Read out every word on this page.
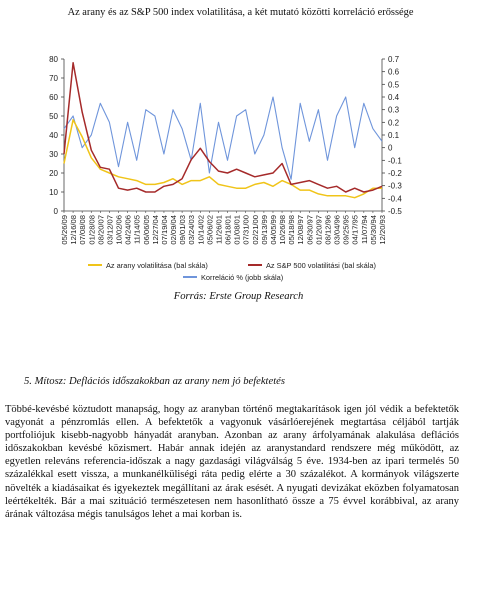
Az arany és az S&P 500 index volatilitása, a két mutató közötti korreláció erőssége
0
10
20
30
40
50
60
70
80
-0.5
-0.4
-0.3
-0.2
-0.1
0
0.1
0.2
0.3
0.4
0.5
0.6
0.7
05/26/09 12/16/08 07/08/08 01/28/08 08/20/07 03/12/07 10/02/06 04/24/06 11/14/05 06/06/05 12/27/04 07/19/04 02/09/04 09/01/03 03/24/03 10/14/02 05/06/02 11/26/01 06/18/01 01/08/01 07/31/00 02/21/00 09/13/99 04/05/99 10/26/98 05/18/98 12/08/97 06/30/97 01/20/97 08/12/96 03/04/96 09/25/95 04/17/95 11/07/94 05/30/94 12/20/93
Az arany volatilitása (bal skála)	Az S&P 500 volatilitási (bal skála)
Korreláció % (jobb skála)
Forrás: Erste Group Research
5. Mítosz: Deflációs időszakokban az arany nem jó befektetés

Többé-kevésbé köztudott manapság, hogy az aranyban történő megtakarítások igen jól védik a befektetők vagyonát a pénzromlás ellen. A befektetők a vagyonuk vásárlóerejének megtartása céljából tartják portfoliójuk kisebb-nagyobb hányadát aranyban. Azonban az arany árfolyamának alakulása deflációs időszakokban kevésbé közismert. Habár annak idején az aranystandard rendszere még működött, az egyetlen releváns referencia-időszak a nagy gazdasági világválság 5 éve. 1934-ben az ipari termelés 50 százalékkal esett vissza, a munkanélküliségi ráta pedig elérte a 30 százalékot. A kormányok világszerte növelték a kiadásaikat és igyekeztek megállítani az árak esését. A nyugati devizákat eközben folyamatosan leértékelték. Bár a mai szituáció természetesen nem hasonlítható össze a 75 évvel korábbival, az arany árának változása mégis tanulságos lehet a mai korban is.
